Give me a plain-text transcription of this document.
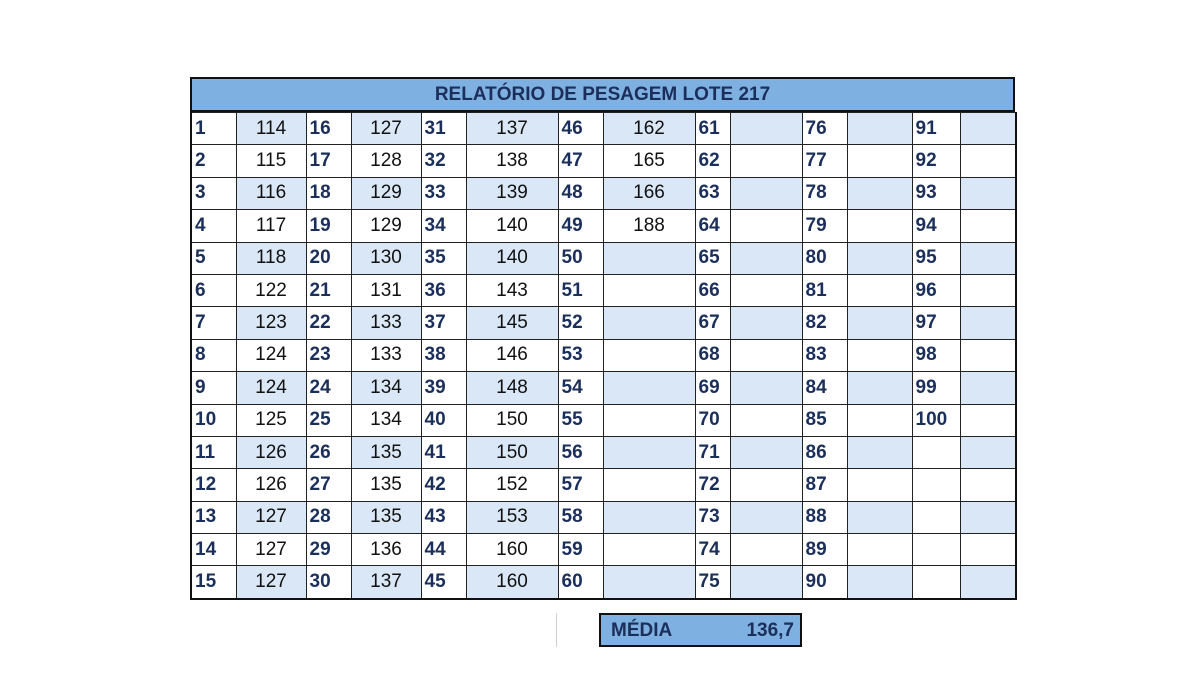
RELATÓRIO DE PESAGEM LOTE 217
1	114	16	127	31	137	46	162	61		76		91	
2	115	17	128	32	138	47	165	62		77		92	
3	116	18	129	33	139	48	166	63		78		93	
4	117	19	129	34	140	49	188	64		79		94	
5	118	20	130	35	140	50		65		80		95	
6	122	21	131	36	143	51		66		81		96	
7	123	22	133	37	145	52		67		82		97	
8	124	23	133	38	146	53		68		83		98	
9	124	24	134	39	148	54		69		84		99	
10	125	25	134	40	150	55		70		85		100	
11	126	26	135	41	150	56		71		86			
12	126	27	135	42	152	57		72		87			
13	127	28	135	43	153	58		73		88			
14	127	29	136	44	160	59		74		89			
15	127	30	137	45	160	60		75		90			
MÉDIA	136,7
